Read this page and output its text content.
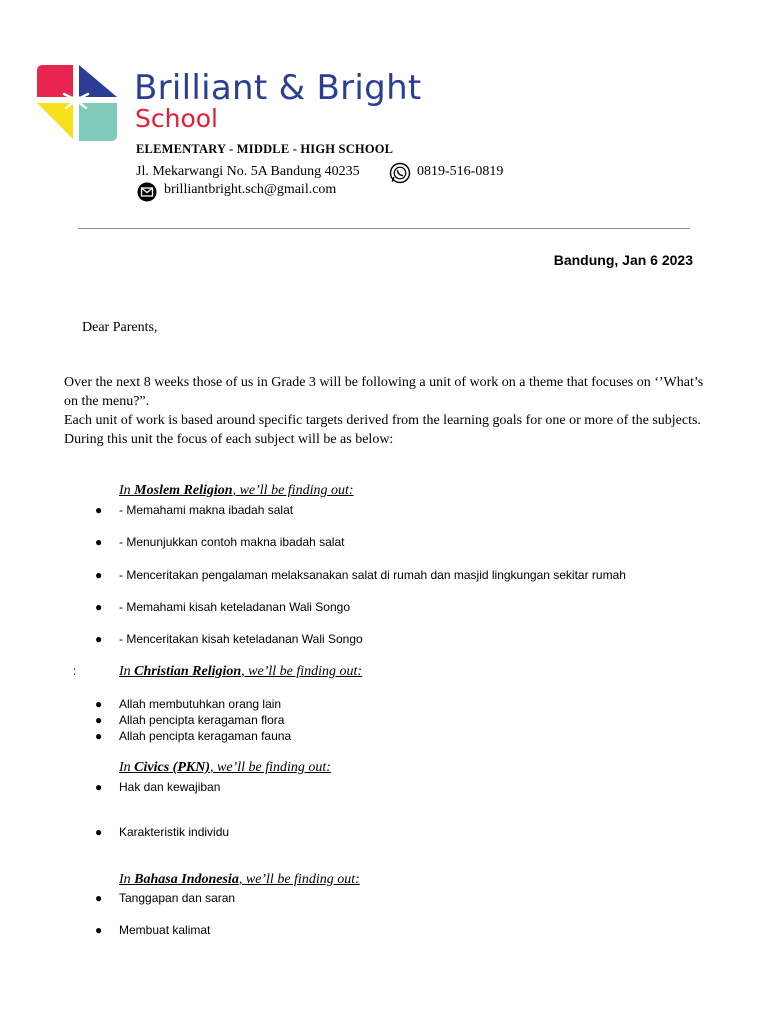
Brilliant & Bright
School
ELEMENTARY - MIDDLE - HIGH SCHOOL
Jl. Mekarwangi No. 5A Bandung 40235	0819-516-0819
brilliantbright.sch@gmail.com
Bandung, Jan 6 2023
Dear Parents,

Over the next 8 weeks those of us in Grade 3 will be following a unit of work on a theme that focuses on ‘’What’s on the menu?”.

Each unit of work is based around specific targets derived from the learning goals for one or more of the subjects. During this unit the focus of each subject will be as below:

In Moslem Religion, we’ll be finding out:
● - Memahami makna ibadah salat
● - Menunjukkan contoh makna ibadah salat
● - Menceritakan pengalaman melaksanakan salat di rumah dan masjid lingkungan sekitar rumah
● - Memahami kisah keteladanan Wali Songo
● - Menceritakan kisah keteladanan Wali Songo
:	In Christian Religion, we’ll be finding out:
● Allah membutuhkan orang lain
● Allah pencipta keragaman flora
● Allah pencipta keragaman fauna
In Civics (PKN), we’ll be finding out:
● Hak dan kewajiban
● Karakteristik individu
In Bahasa Indonesia, we’ll be finding out:
● Tanggapan dan saran
● Membuat kalimat
